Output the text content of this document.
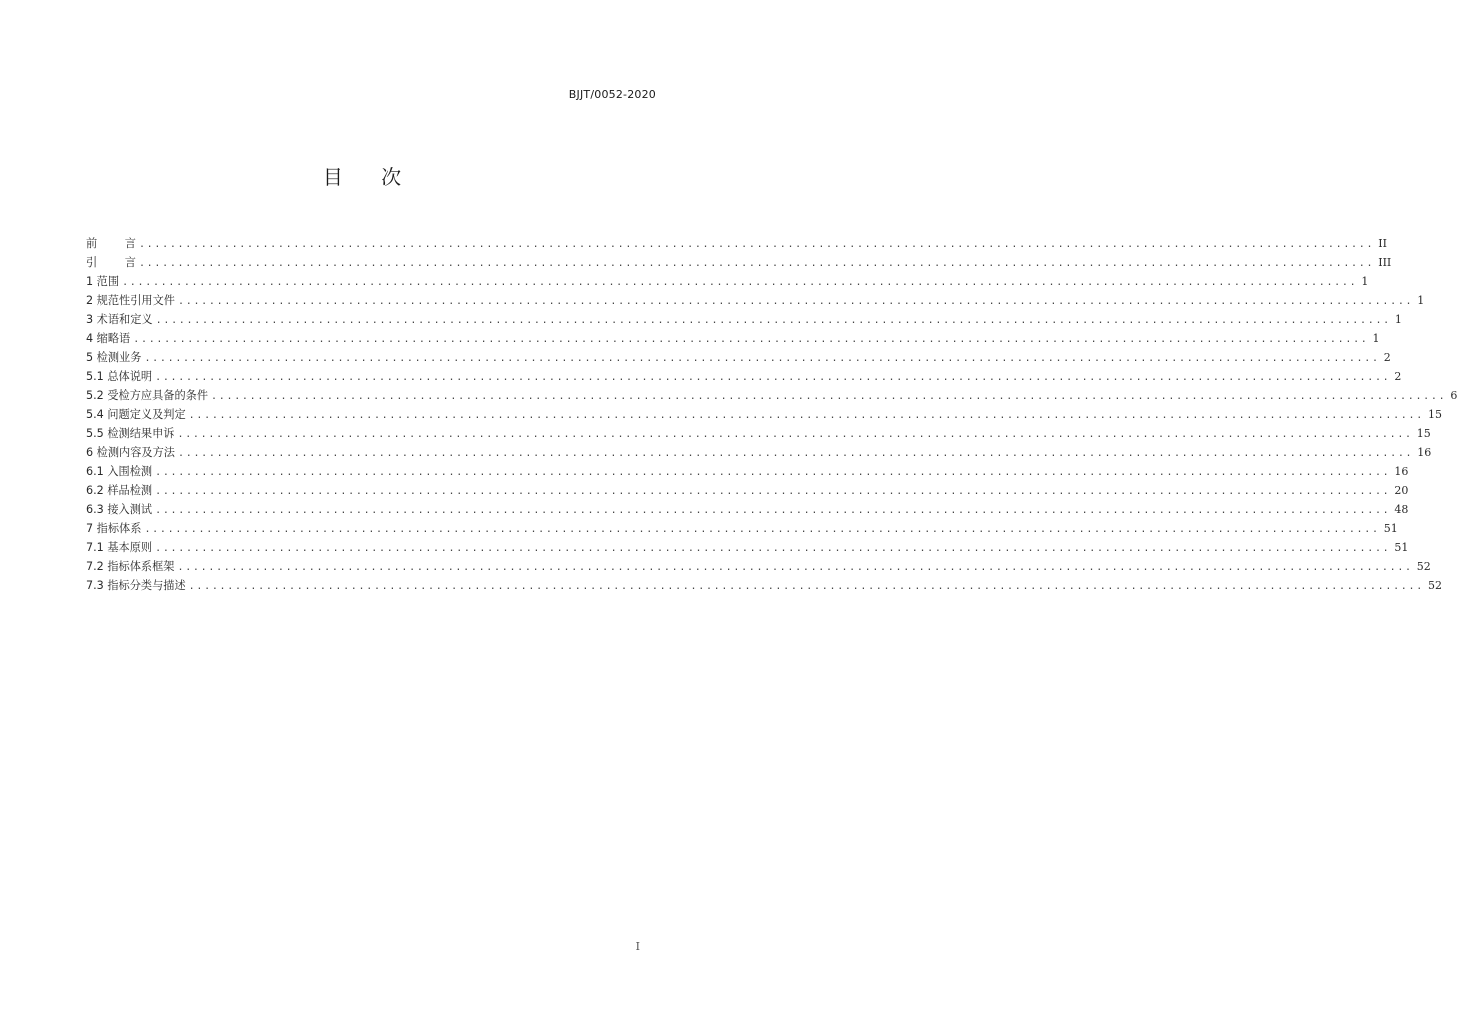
BJJT/0052-2020
目 次
前 言 ................................................................................................................................................................ II
引 言 ................................................................................................................................................................ III
1 范围 ................................................................................................................................................................ 1
2 规范性引用文件 ................................................................................................................................................................ 1
3 术语和定义 ................................................................................................................................................................ 1
4 缩略语 ................................................................................................................................................................ 1
5 检测业务 ................................................................................................................................................................ 2
5.1 总体说明 ................................................................................................................................................................ 2
5.2 受检方应具备的条件 ................................................................................................................................................................ 6
5.4 问题定义及判定 ................................................................................................................................................................ 15
5.5 检测结果申诉 ................................................................................................................................................................ 15
6 检测内容及方法 ................................................................................................................................................................ 16
6.1 入围检测 ................................................................................................................................................................ 16
6.2 样品检测 ................................................................................................................................................................ 20
6.3 接入测试 ................................................................................................................................................................ 48
7 指标体系 ................................................................................................................................................................ 51
7.1 基本原则 ................................................................................................................................................................ 51
7.2 指标体系框架 ................................................................................................................................................................ 52
7.3 指标分类与描述 ................................................................................................................................................................ 52
I
